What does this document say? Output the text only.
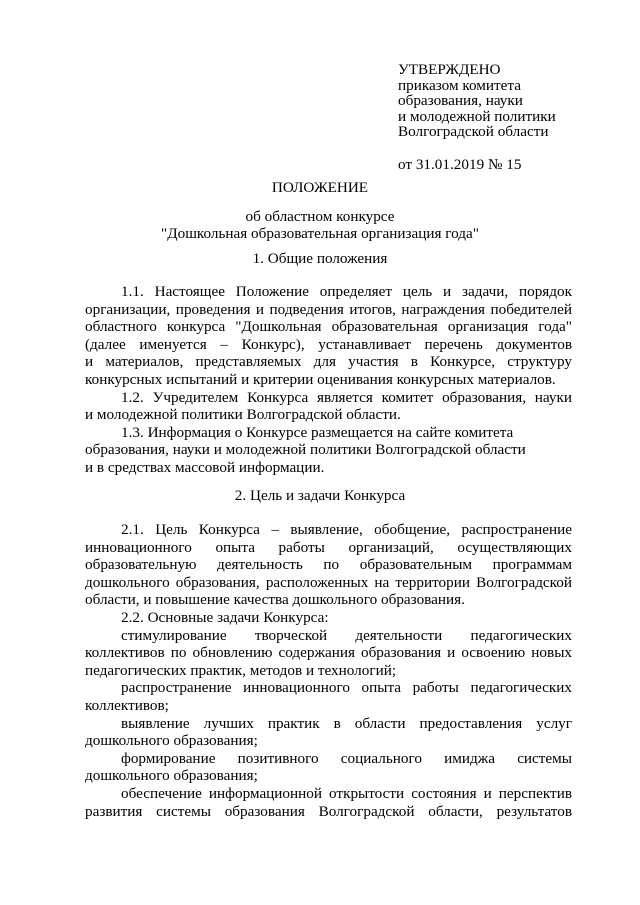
УТВЕРЖДЕНО
приказом комитета
образования, науки
и молодежной политики
Волгоградской области
от 31.01.2019 № 15
ПОЛОЖЕНИЕ
об областном конкурсе
"Дошкольная образовательная организация года"
1. Общие положения

1.1. Настоящее Положение определяет цель и задачи, порядок

организации, проведения и подведения итогов, награждения победителей

областного конкурса "Дошкольная образовательная организация года"

(далее именуется – Конкурс), устанавливает перечень документов

и материалов, представляемых для участия в Конкурсе, структуру

конкурсных испытаний и критерии оценивания конкурсных материалов.

1.2. Учредителем Конкурса является комитет образования, науки

и молодежной политики Волгоградской области.

1.3. Информация о Конкурсе размещается на сайте комитета

образования, науки и молодежной политики Волгоградской области

и в средствах массовой информации.

2. Цель и задачи Конкурса

2.1. Цель Конкурса – выявление, обобщение, распространение

инновационного опыта работы организаций, осуществляющих

образовательную деятельность по образовательным программам

дошкольного образования, расположенных на территории Волгоградской

области, и повышение качества дошкольного образования.

2.2. Основные задачи Конкурса:

стимулирование творческой деятельности педагогических

коллективов по обновлению содержания образования и освоению новых

педагогических практик, методов и технологий;

распространение инновационного опыта работы педагогических

коллективов;

выявление лучших практик в области предоставления услуг

дошкольного образования;

формирование позитивного социального имиджа системы

дошкольного образования;

обеспечение информационной открытости состояния и перспектив

развития системы образования Волгоградской области, результатов
